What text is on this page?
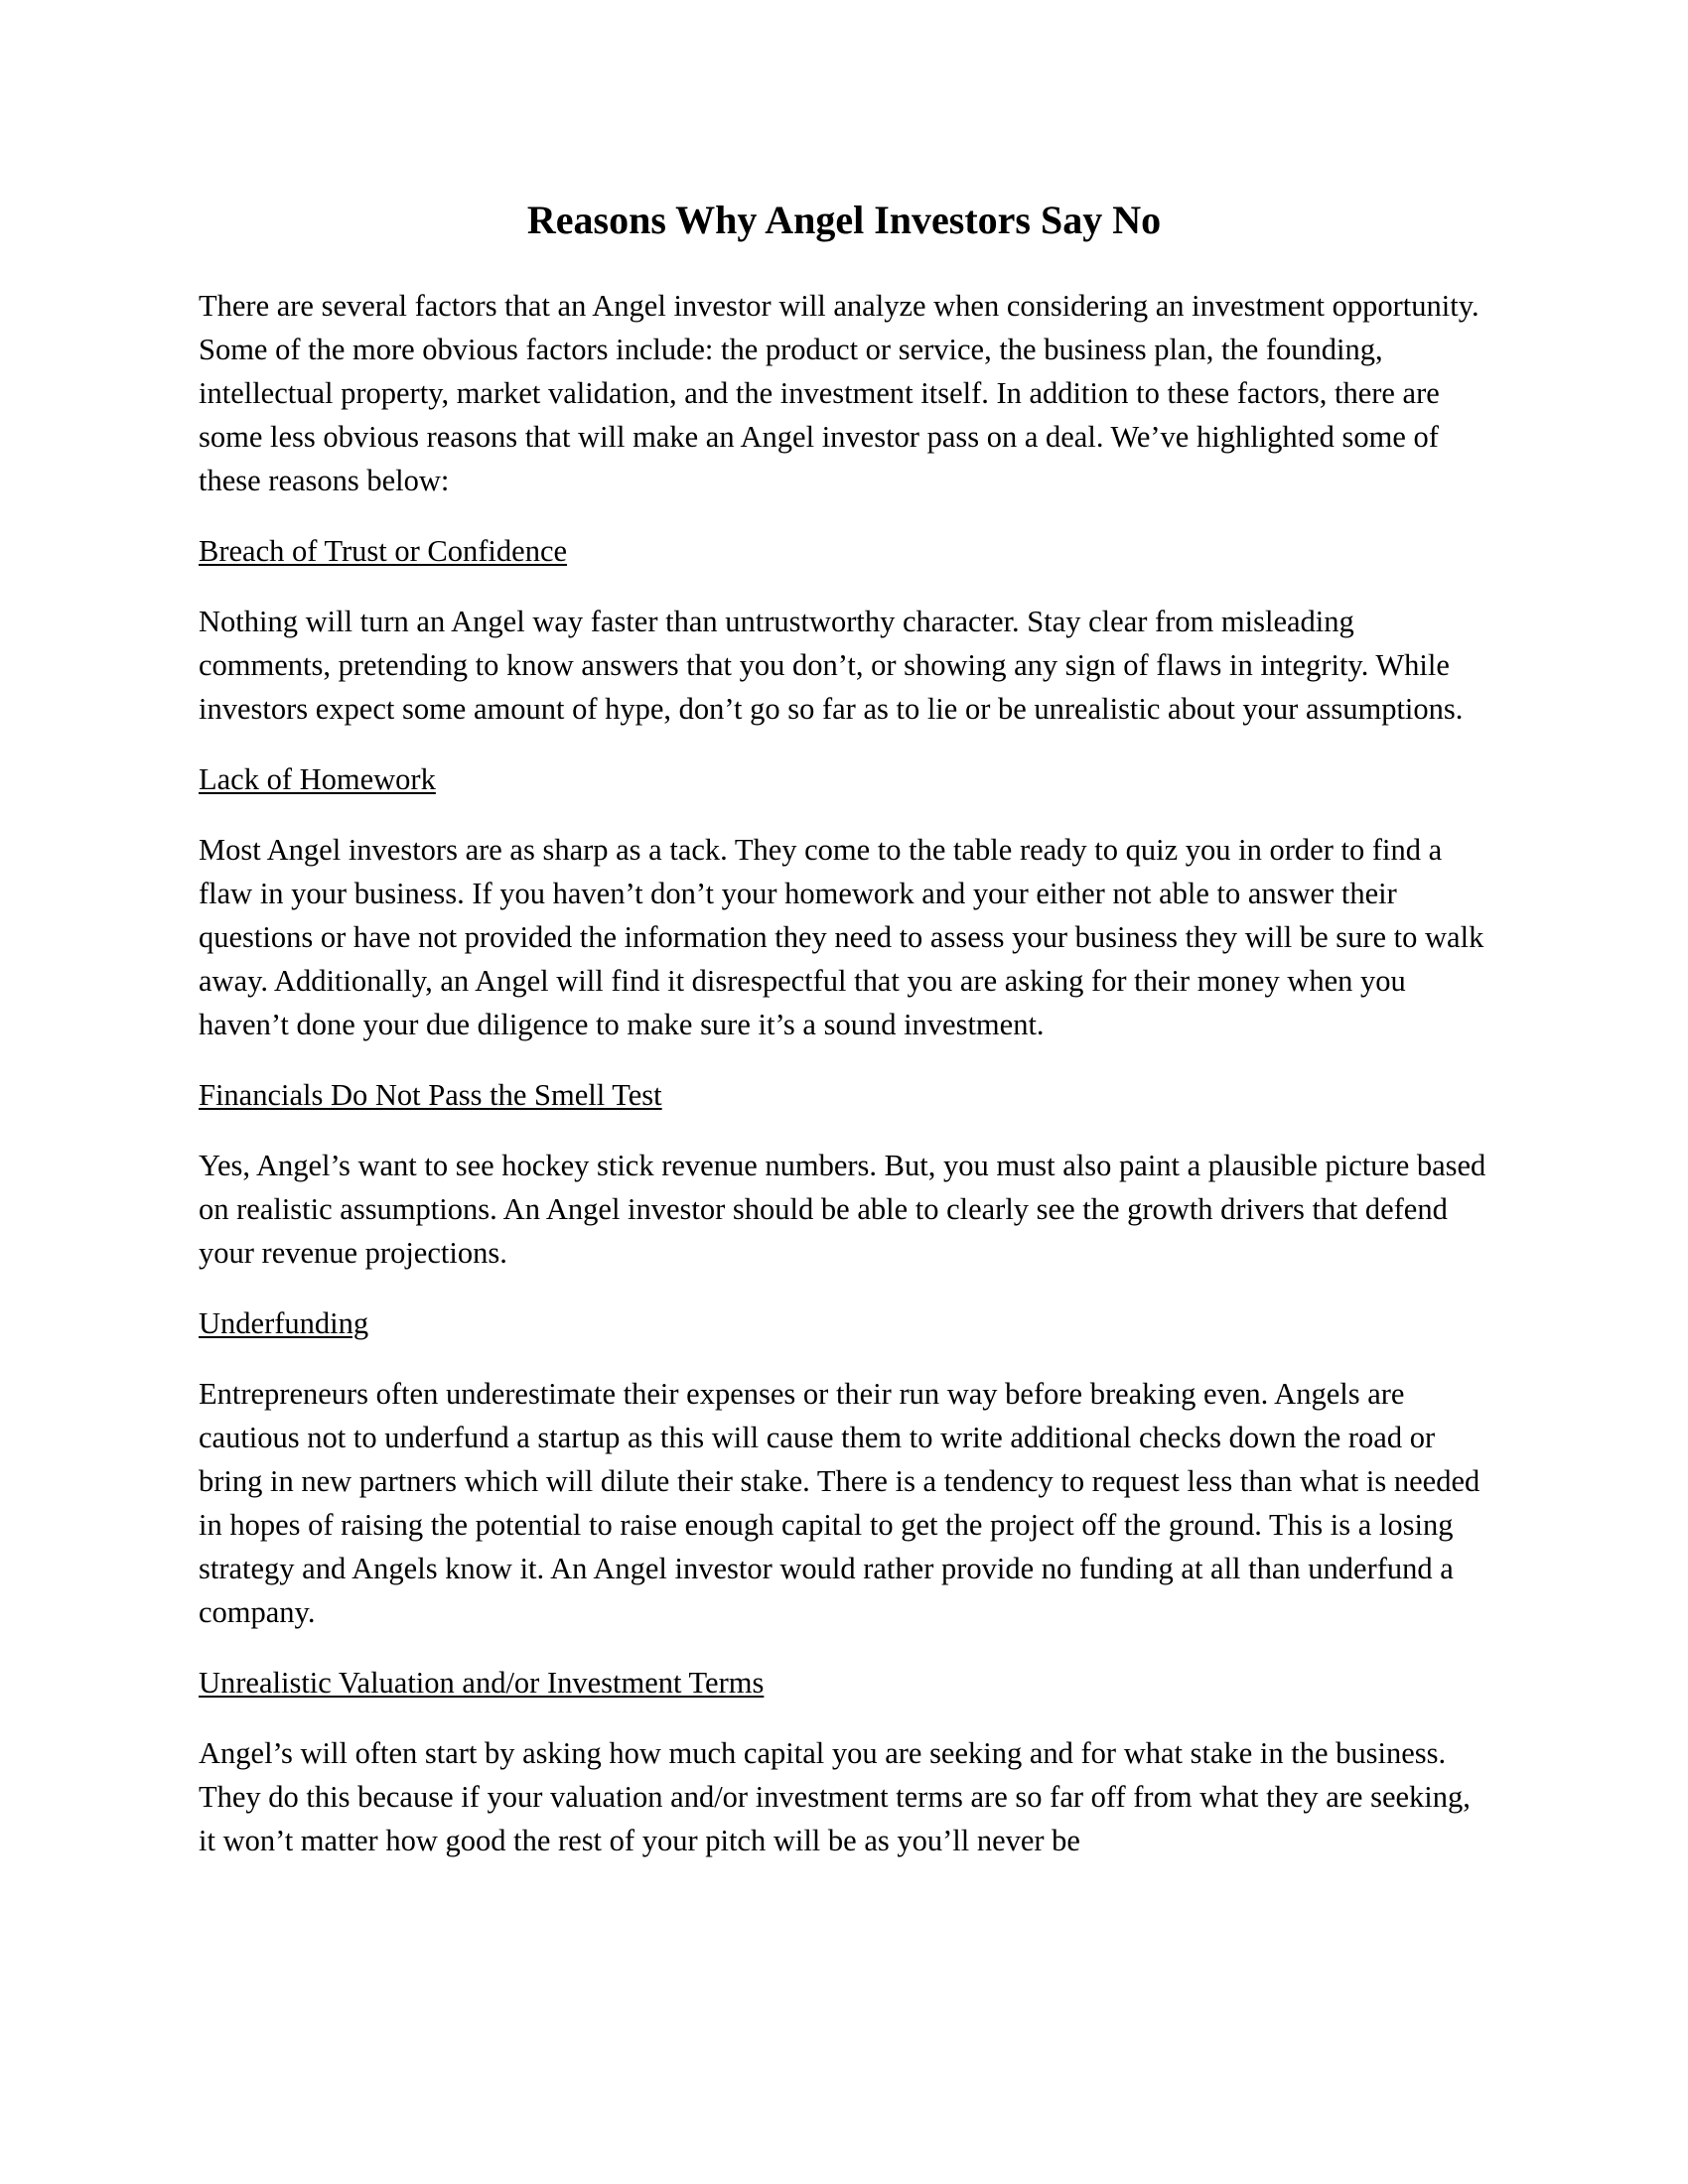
Reasons Why Angel Investors Say No

There are several factors that an Angel investor will analyze when considering an investment opportunity. Some of the more obvious factors include: the product or service, the business plan, the founding, intellectual property, market validation, and the investment itself. In addition to these factors, there are some less obvious reasons that will make an Angel investor pass on a deal. We’ve highlighted some of these reasons below:

Breach of Trust or Confidence

Nothing will turn an Angel way faster than untrustworthy character. Stay clear from misleading comments, pretending to know answers that you don’t, or showing any sign of flaws in integrity. While investors expect some amount of hype, don’t go so far as to lie or be unrealistic about your assumptions.

Lack of Homework

Most Angel investors are as sharp as a tack. They come to the table ready to quiz you in order to find a flaw in your business. If you haven’t don’t your homework and your either not able to answer their questions or have not provided the information they need to assess your business they will be sure to walk away. Additionally, an Angel will find it disrespectful that you are asking for their money when you haven’t done your due diligence to make sure it’s a sound investment.

Financials Do Not Pass the Smell Test

Yes, Angel’s want to see hockey stick revenue numbers. But, you must also paint a plausible picture based on realistic assumptions. An Angel investor should be able to clearly see the growth drivers that defend your revenue projections.

Underfunding

Entrepreneurs often underestimate their expenses or their run way before breaking even. Angels are cautious not to underfund a startup as this will cause them to write additional checks down the road or bring in new partners which will dilute their stake. There is a tendency to request less than what is needed in hopes of raising the potential to raise enough capital to get the project off the ground. This is a losing strategy and Angels know it. An Angel investor would rather provide no funding at all than underfund a company.

Unrealistic Valuation and/or Investment Terms

Angel’s will often start by asking how much capital you are seeking and for what stake in the business. They do this because if your valuation and/or investment terms are so far off from what they are seeking, it won’t matter how good the rest of your pitch will be as you’ll never be
